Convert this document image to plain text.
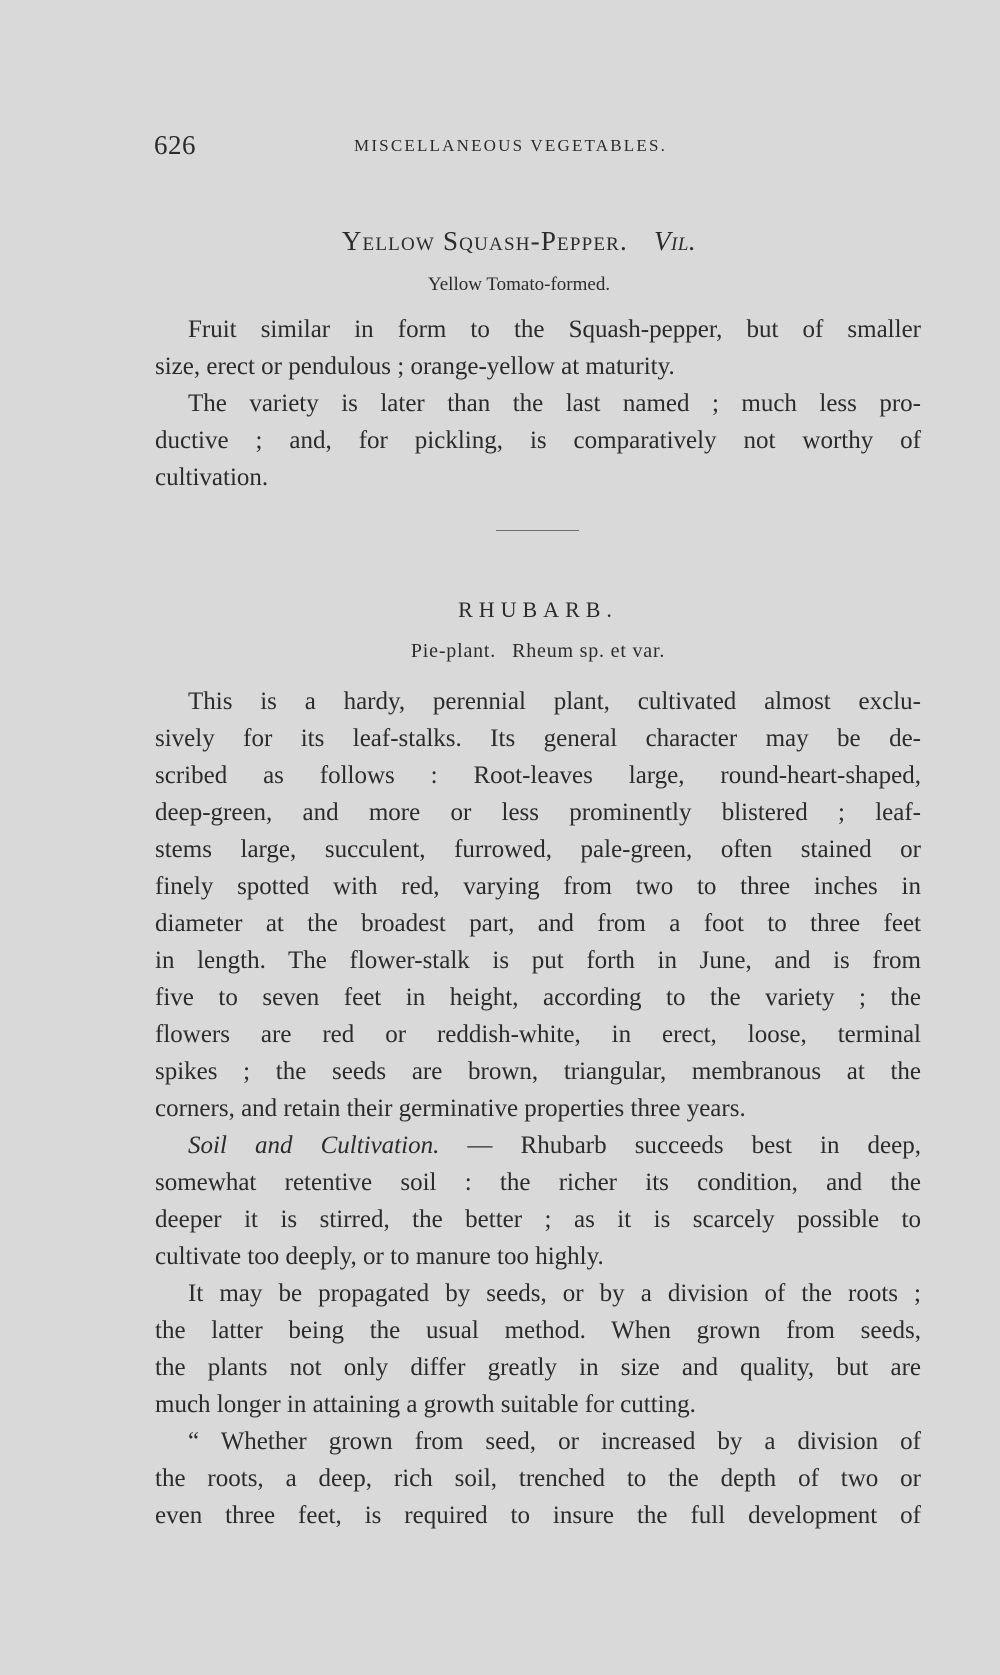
626	MISCELLANEOUS VEGETABLES.
Yellow Squash-Pepper. Vil.
Yellow Tomato-formed.
Fruit similar in form to the Squash-pepper, but of smaller
size, erect or pendulous ; orange-yellow at maturity.
The variety is later than the last named ; much less pro-
ductive ; and, for pickling, is comparatively not worthy of
cultivation.
RHUBARB.
Pie-plant. Rheum sp. et var.
This is a hardy, perennial plant, cultivated almost exclu-
sively for its leaf-stalks. Its general character may be de-
scribed as follows : Root-leaves large, round-heart-shaped,
deep-green, and more or less prominently blistered ; leaf-
stems large, succulent, furrowed, pale-green, often stained or
finely spotted with red, varying from two to three inches in
diameter at the broadest part, and from a foot to three feet
in length. The flower-stalk is put forth in June, and is from
five to seven feet in height, according to the variety ; the
flowers are red or reddish-white, in erect, loose, terminal
spikes ; the seeds are brown, triangular, membranous at the
corners, and retain their germinative properties three years.
Soil and Cultivation. — Rhubarb succeeds best in deep,
somewhat retentive soil : the richer its condition, and the
deeper it is stirred, the better ; as it is scarcely possible to
cultivate too deeply, or to manure too highly.
It may be propagated by seeds, or by a division of the roots ;
the latter being the usual method. When grown from seeds,
the plants not only differ greatly in size and quality, but are
much longer in attaining a growth suitable for cutting.
“ Whether grown from seed, or increased by a division of
the roots, a deep, rich soil, trenched to the depth of two or
even three feet, is required to insure the full development of
